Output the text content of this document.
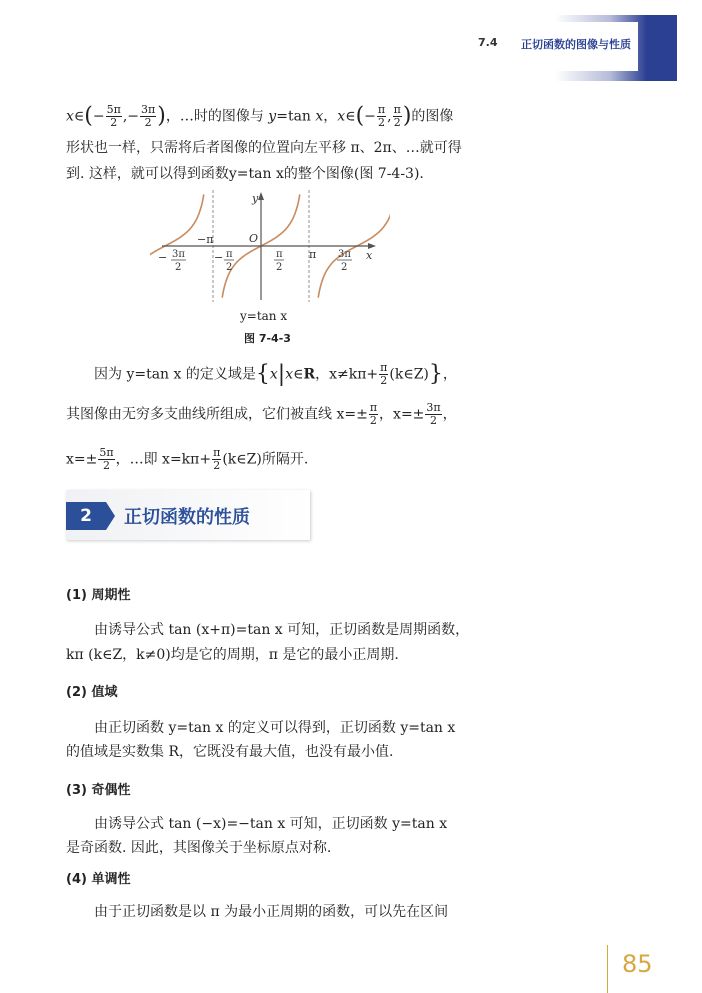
7.4 正切函数的图像与性质
x∈(− $\frac{5\pi}{2}$ ,− $\frac{3\pi}{2}$ )，…时的图像与 y=tan x，x∈(− $\frac{\pi}{2}$ , $\frac{\pi}{2}$ )的图像
形状也一样，只需将后者图像的位置向左平移 π、2π、…就可得
到. 这样，就可以得到函数y=tan x的整个图像(图 7-4-3).
y
x
O
−π
π
− 3π
2
− π
2
π
2
3π
2
y=tan x
图 7-4-3
因为 y=tan x 的定义域是{x|x∈R，$x\ne k\pi+ \frac{\pi}{2}$ (k∈Z)}，
其图像由无穷多支曲线所组成，它们被直线 $x=\pm \frac{\pi}{2}$ ，$x=\pm \frac{3\pi}{2}$ ，
$x=\pm \frac{5\pi}{2}$ ，…即 $x=k\pi+ \frac{\pi}{2}$ (k∈Z)所隔开.
2	正切函数的性质
(1) 周期性
由诱导公式 tan (x+π)=tan x 可知，正切函数是周期函数，
kπ (k∈Z，k≠0)均是它的周期，π 是它的最小正周期.
(2) 值域
由正切函数 y=tan x 的定义可以得到，正切函数 y=tan x
的值域是实数集 R，它既没有最大值，也没有最小值.
(3) 奇偶性
由诱导公式 tan (−x)=−tan x 可知，正切函数 y=tan x
是奇函数. 因此，其图像关于坐标原点对称.
(4) 单调性
由于正切函数是以 π 为最小正周期的函数，可以先在区间
85
